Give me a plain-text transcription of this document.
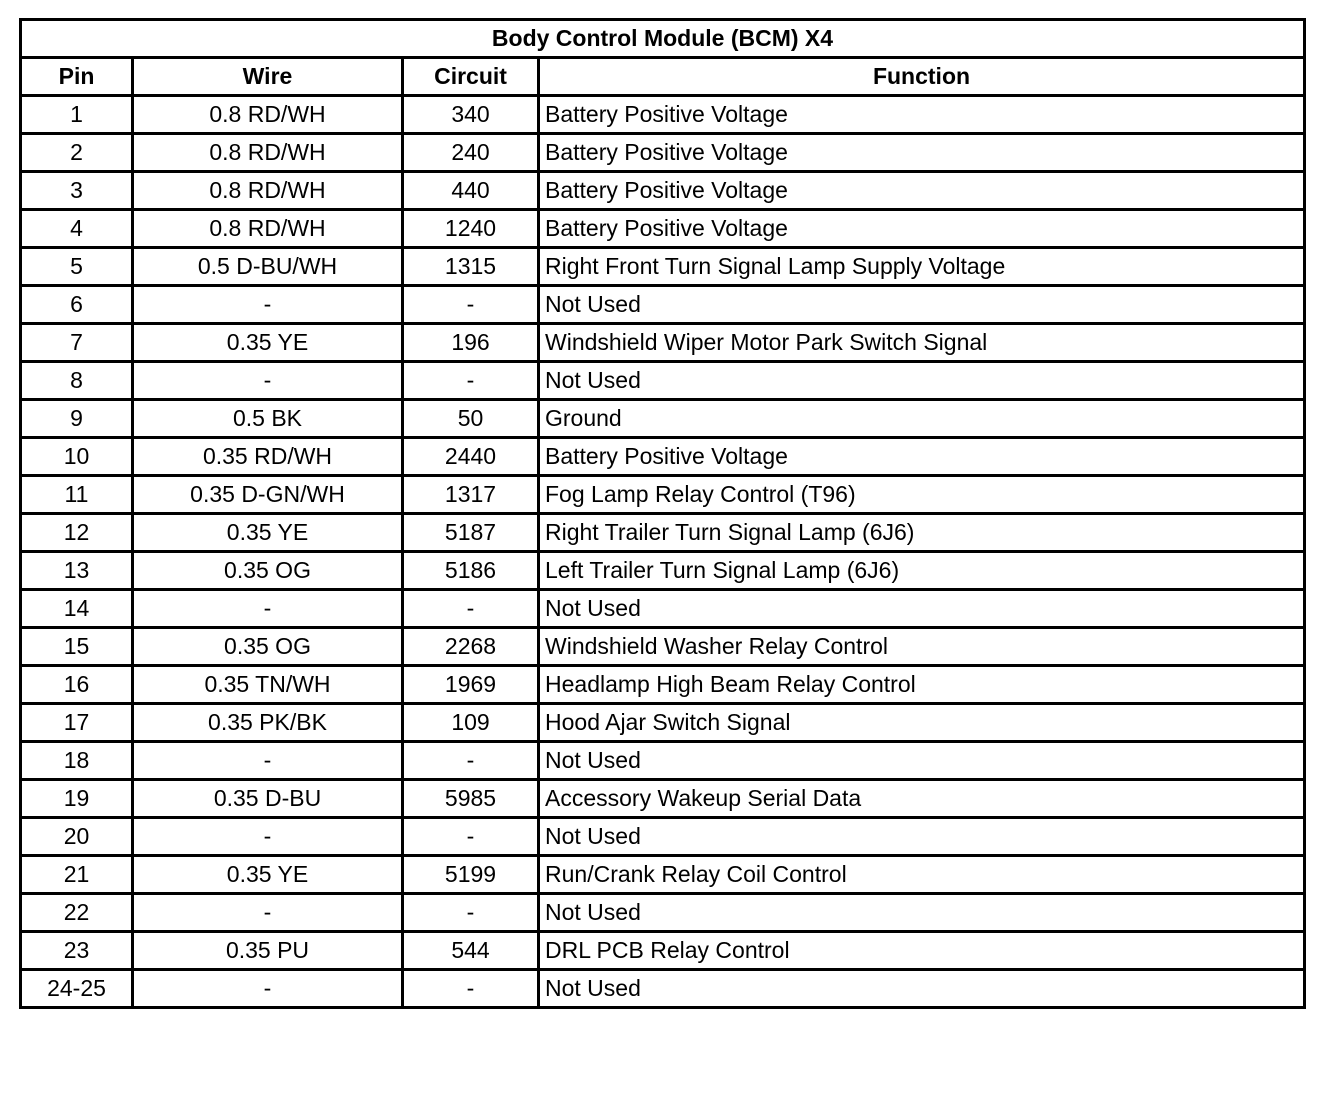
Body Control Module (BCM) X4			
Pin	Wire	Circuit	Function
1	0.8 RD/WH	340	Battery Positive Voltage
2	0.8 RD/WH	240	Battery Positive Voltage
3	0.8 RD/WH	440	Battery Positive Voltage
4	0.8 RD/WH	1240	Battery Positive Voltage
5	0.5 D-BU/WH	1315	Right Front Turn Signal Lamp Supply Voltage
6	-	-	Not Used
7	0.35 YE	196	Windshield Wiper Motor Park Switch Signal
8	-	-	Not Used
9	0.5 BK	50	Ground
10	0.35 RD/WH	2440	Battery Positive Voltage
11	0.35 D-GN/WH	1317	Fog Lamp Relay Control (T96)
12	0.35 YE	5187	Right Trailer Turn Signal Lamp (6J6)
13	0.35 OG	5186	Left Trailer Turn Signal Lamp (6J6)
14	-	-	Not Used
15	0.35 OG	2268	Windshield Washer Relay Control
16	0.35 TN/WH	1969	Headlamp High Beam Relay Control
17	0.35 PK/BK	109	Hood Ajar Switch Signal
18	-	-	Not Used
19	0.35 D-BU	5985	Accessory Wakeup Serial Data
20	-	-	Not Used
21	0.35 YE	5199	Run/Crank Relay Coil Control
22	-	-	Not Used
23	0.35 PU	544	DRL PCB Relay Control
24-25	-	-	Not Used
